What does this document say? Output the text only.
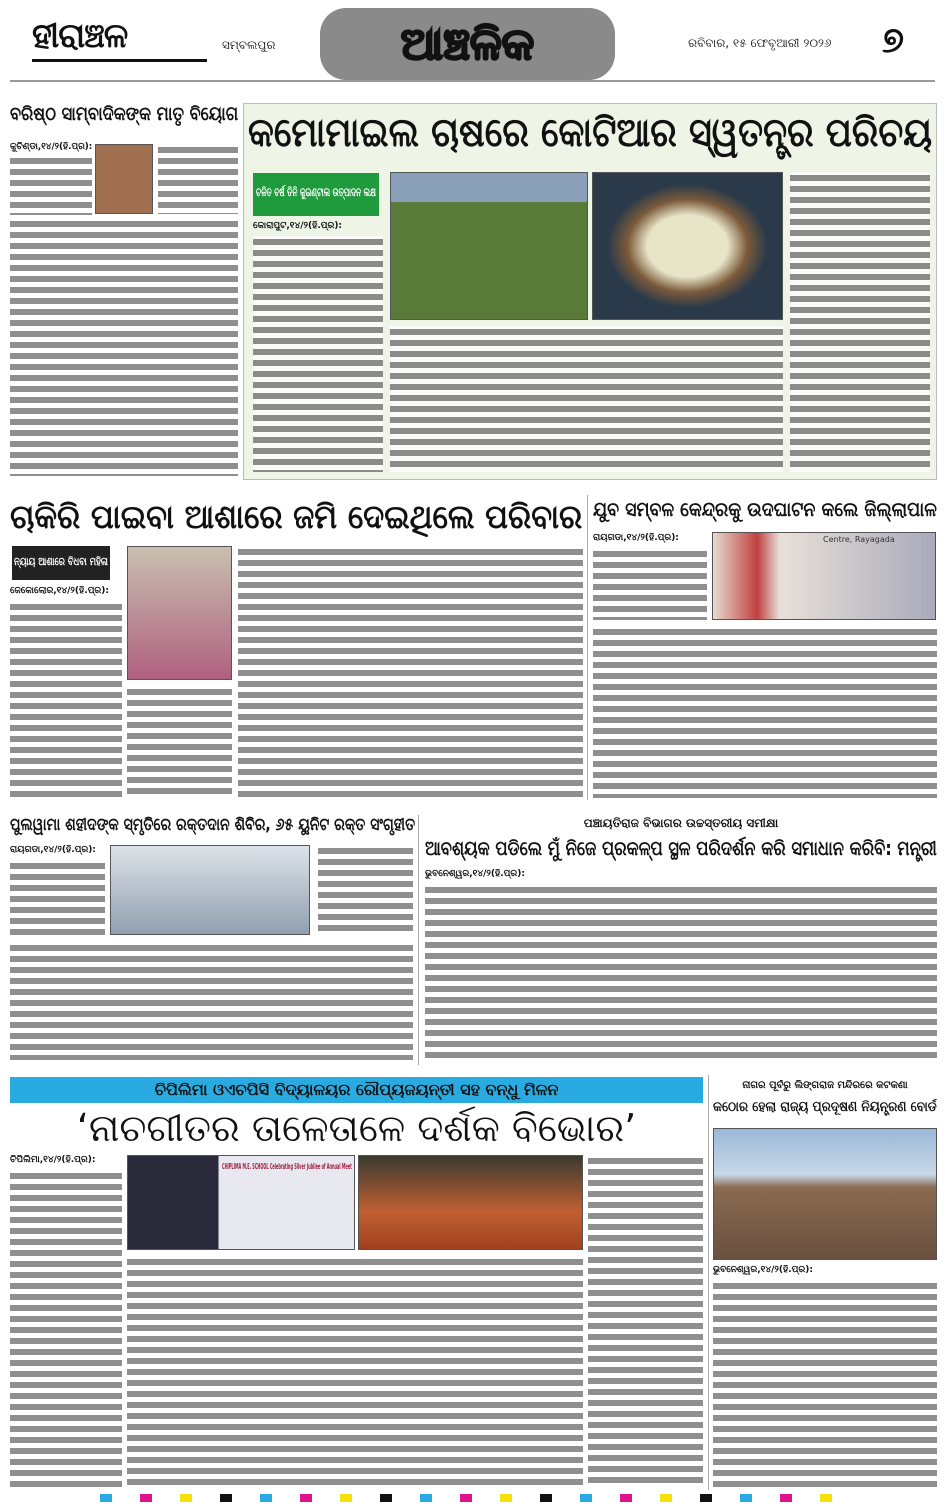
ହୀରାଞ୍ଚଳ	ସମ୍ବଲପୁର	ଆଞ୍ଚଳିକ	ରବିବାର, ୧୫ ଫେବୃଆରୀ ୨୦୨୬	୭
ବରିଷ୍ଠ ସାମ୍ବାଦିକଙ୍କ ମାତୃ ବିୟୋଗ
କୁଚିଣ୍ଡା,୧୪/୨(ହି.ପ୍ର):	କମୋମାଇଲ ଚାଷରେ କୋଟିଆର ସ୍ୱତନ୍ତ୍ର ପରିଚୟ
ଚଳିତ ବର୍ଷ ତିନି କୁଇଣ୍ଟାଲ ଉତ୍ପାଦନ ଲକ୍ଷ
କୋରାପୁଟ,୧୪/୨(ହି.ପ୍ର):
ଚାକିରି ପାଇବା ଆଶାରେ ଜମି ଦେଇଥିଲେ ପରିବାର
ନ୍ୟାୟ ଆଶାରେ ବିଧବା ମହିଳା
ଜେକୋଲୋର,୧୪/୨(ହି.ପ୍ର):
ଯୁବ ସମ୍ବଳ କେନ୍ଦ୍ରକୁ ଉଦଘାଟନ କଲେ ଜିଲ୍ଲାପାଳ
ରାୟଗଡା,୧୪/୨(ହି.ପ୍ର):	Centre, Rayagada
ପୁଲୱାମା ଶହୀଦଙ୍କ ସ୍ମୃତିରେ ରକ୍ତଦାନ ଶିବିର, ୬୫ ୟୁନିଟ ରକ୍ତ ସଂଗୃହୀତ
ରାୟଗଡା,୧୪/୨(ହି.ପ୍ର):
ପଞ୍ଚାୟତିରାଜ ବିଭାଗର ଉଚ୍ଚସ୍ତରୀୟ ସମୀକ୍ଷା
ଆବଶ୍ୟକ ପଡିଲେ ମୁଁ ନିଜେ ପ୍ରକଳ୍ପ ସ୍ଥଳ ପରିଦର୍ଶନ କରି ସମାଧାନ କରିବି: ମନ୍ତ୍ରୀ
ଭୁବନେଶ୍ୱର,୧୪/୨(ହି.ପ୍ର):
ଚିପିଲିମା ଓଏଚପିସି ବିଦ୍ୟାଳୟର ରୌପ୍ୟଜୟନ୍ତୀ ସହ ବନ୍ଧୁ ମିଳନ
‘ନାଚଗୀତର ତାଳେତାଳେ ଦର୍ଶକ ବିଭୋର’
ଚିପିଲିମା,୧୪/୨(ହି.ପ୍ର):
CHIPLIMA M.E. SCHOOL Celebrating Silver Jubilee of Annual Meet
ନାଗର ପୂର୍ବରୁ ଲିଙ୍ଗରାଜ ମନ୍ଦିରରେ କଟକଣା
କଠୋର ହେଲା ରାଜ୍ୟ ପ୍ରଦୂଷଣ ନିୟନ୍ତ୍ରଣ ବୋର୍ଡ
ଭୁବନେଶ୍ୱର,୧୪/୨(ହି.ପ୍ର):
